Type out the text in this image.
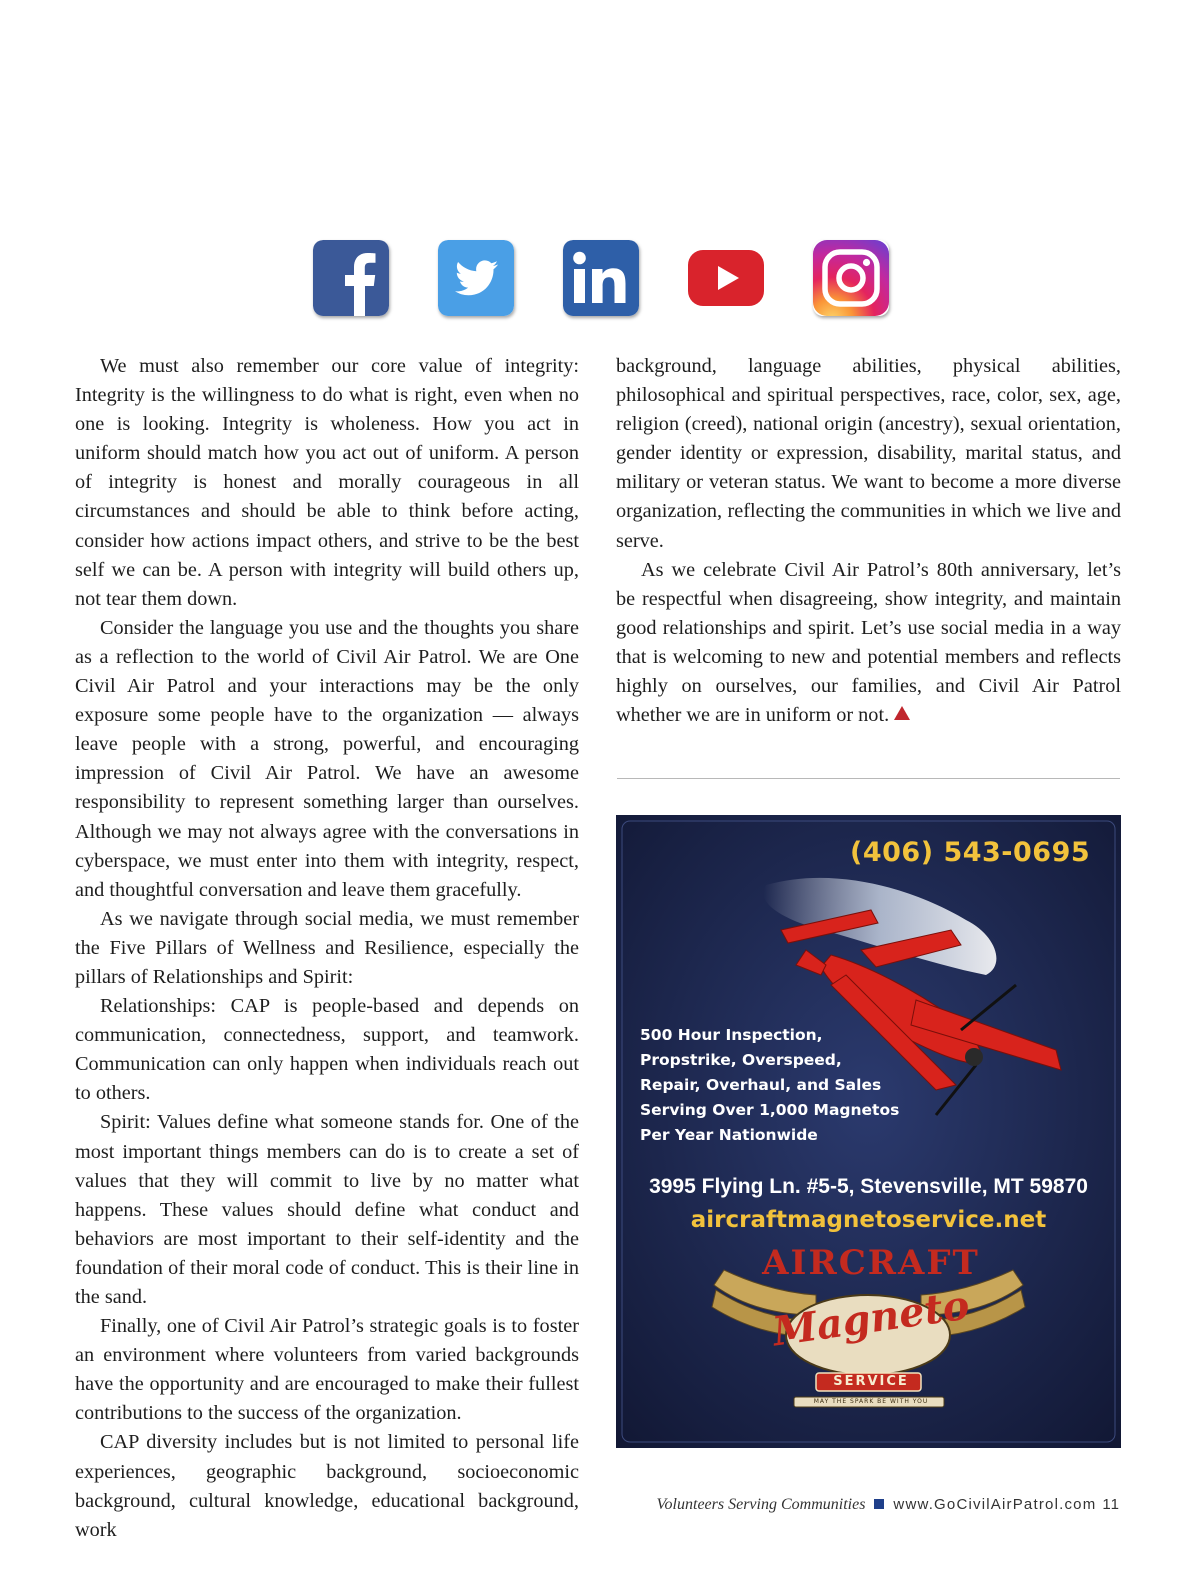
We must also remember our core value of integrity: Integrity is the willingness to do what is right, even when no one is looking. Integrity is wholeness. How you act in uniform should match how you act out of uniform. A person of integrity is honest and morally courageous in all circumstances and should be able to think before acting, consider how actions impact others, and strive to be the best self we can be. A person with integrity will build others up, not tear them down.

Consider the language you use and the thoughts you share as a reflection to the world of Civil Air Patrol. We are One Civil Air Patrol and your interactions may be the only exposure some people have to the organization — always leave people with a strong, powerful, and encouraging impression of Civil Air Patrol. We have an awesome responsibility to represent something larger than ourselves. Although we may not always agree with the conversations in cyberspace, we must enter into them with integrity, respect, and thoughtful conversation and leave them gracefully.

As we navigate through social media, we must remember the Five Pillars of Wellness and Resilience, especially the pillars of Relationships and Spirit:

Relationships: CAP is people-based and depends on communication, connectedness, support, and teamwork. Communication can only happen when individuals reach out to others.

Spirit: Values define what someone stands for. One of the most important things members can do is to create a set of values that they will commit to live by no matter what happens. These values should define what conduct and behaviors are most important to their self-identity and the foundation of their moral code of conduct. This is their line in the sand.

Finally, one of Civil Air Patrol’s strategic goals is to foster an environment where volunteers from varied backgrounds have the opportunity and are encouraged to make their fullest contributions to the success of the organization.

CAP diversity includes but is not limited to personal life experiences, geographic background, socioeconomic background, cultural knowledge, educational background, work

background, language abilities, physical abilities, philosophical and spiritual perspectives, race, color, sex, age, religion (creed), national origin (ancestry), sexual orientation, gender identity or expression, disability, marital status, and military or veteran status. We want to become a more diverse organization, reflecting the communities in which we live and serve.

As we celebrate Civil Air Patrol’s 80th anniversary, let’s be respectful when disagreeing, show integrity, and maintain good relationships and spirit. Let’s use social media in a way that is welcoming to new and potential members and reflects highly on ourselves, our families, and Civil Air Patrol whether we are in uniform or not.

(406) 543-0695
500 Hour Inspection,
Propstrike, Overspeed,
Repair, Overhaul, and Sales
Serving Over 1,000 Magnetos
Per Year Nationwide
3995 Flying Ln. #5-5, Stevensville, MT 59870
aircraftmagnetoservice.net
AIRCRAFT
Magneto
SERVICE
MAY THE SPARK BE WITH YOU
Volunteers Serving Communities www.GoCivilAirPatrol.com 11
